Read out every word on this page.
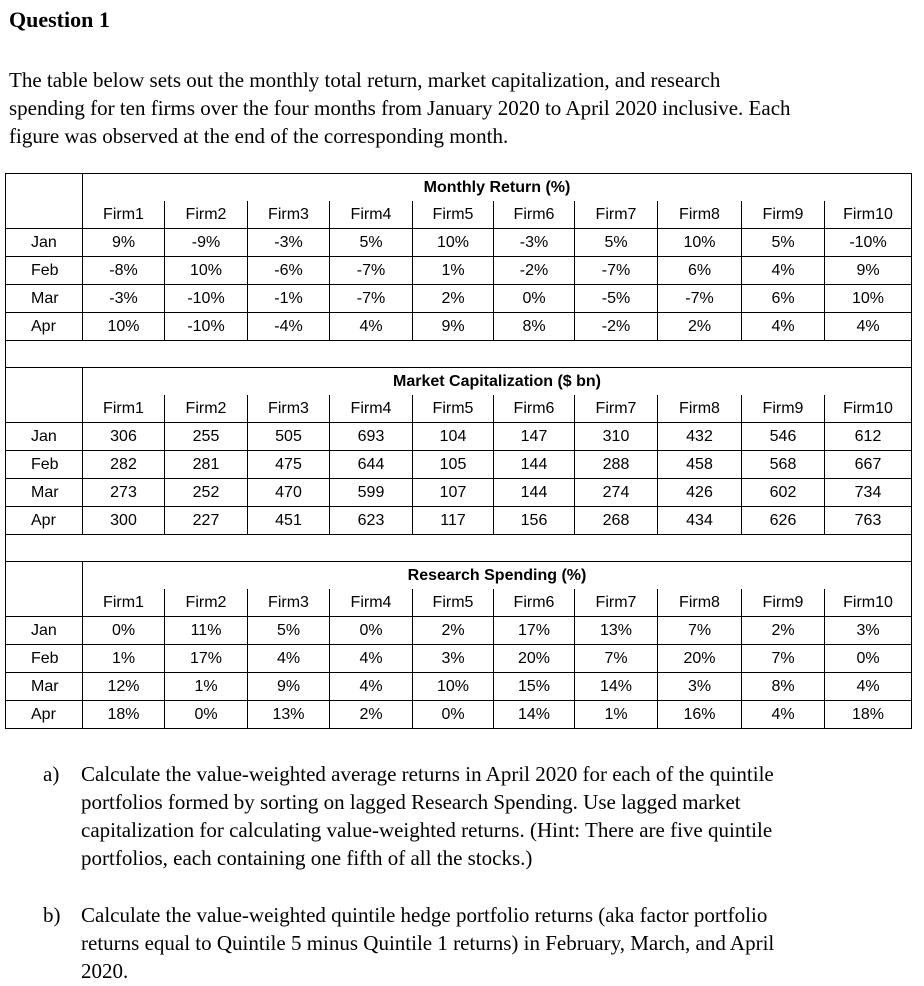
Question 1
The table below sets out the monthly total return, market capitalization, and research
spending for ten firms over the four months from January 2020 to April 2020 inclusive. Each
figure was observed at the end of the corresponding month.
	Monthly Return (%)									
	Firm1	Firm2	Firm3	Firm4	Firm5	Firm6	Firm7	Firm8	Firm9	Firm10
Jan	9%	-9%	-3%	5%	10%	-3%	5%	10%	5%	-10%
Feb	-8%	10%	-6%	-7%	1%	-2%	-7%	6%	4%	9%
Mar	-3%	-10%	-1%	-7%	2%	0%	-5%	-7%	6%	10%
Apr	10%	-10%	-4%	4%	9%	8%	-2%	2%	4%	4%

	Market Capitalization ($ bn)									
	Firm1	Firm2	Firm3	Firm4	Firm5	Firm6	Firm7	Firm8	Firm9	Firm10
Jan	306	255	505	693	104	147	310	432	546	612
Feb	282	281	475	644	105	144	288	458	568	667
Mar	273	252	470	599	107	144	274	426	602	734
Apr	300	227	451	623	117	156	268	434	626	763

	Research Spending (%)									
	Firm1	Firm2	Firm3	Firm4	Firm5	Firm6	Firm7	Firm8	Firm9	Firm10
Jan	0%	11%	5%	0%	2%	17%	13%	7%	2%	3%
Feb	1%	17%	4%	4%	3%	20%	7%	20%	7%	0%
Mar	12%	1%	9%	4%	10%	15%	14%	3%	8%	4%
Apr	18%	0%	13%	2%	0%	14%	1%	16%	4%	18%
a) Calculate the value-weighted average returns in April 2020 for each of the quintile
portfolios formed by sorting on lagged Research Spending. Use lagged market
capitalization for calculating value-weighted returns. (Hint: There are five quintile
portfolios, each containing one fifth of all the stocks.)
b) Calculate the value-weighted quintile hedge portfolio returns (aka factor portfolio
returns equal to Quintile 5 minus Quintile 1 returns) in February, March, and April
2020.
